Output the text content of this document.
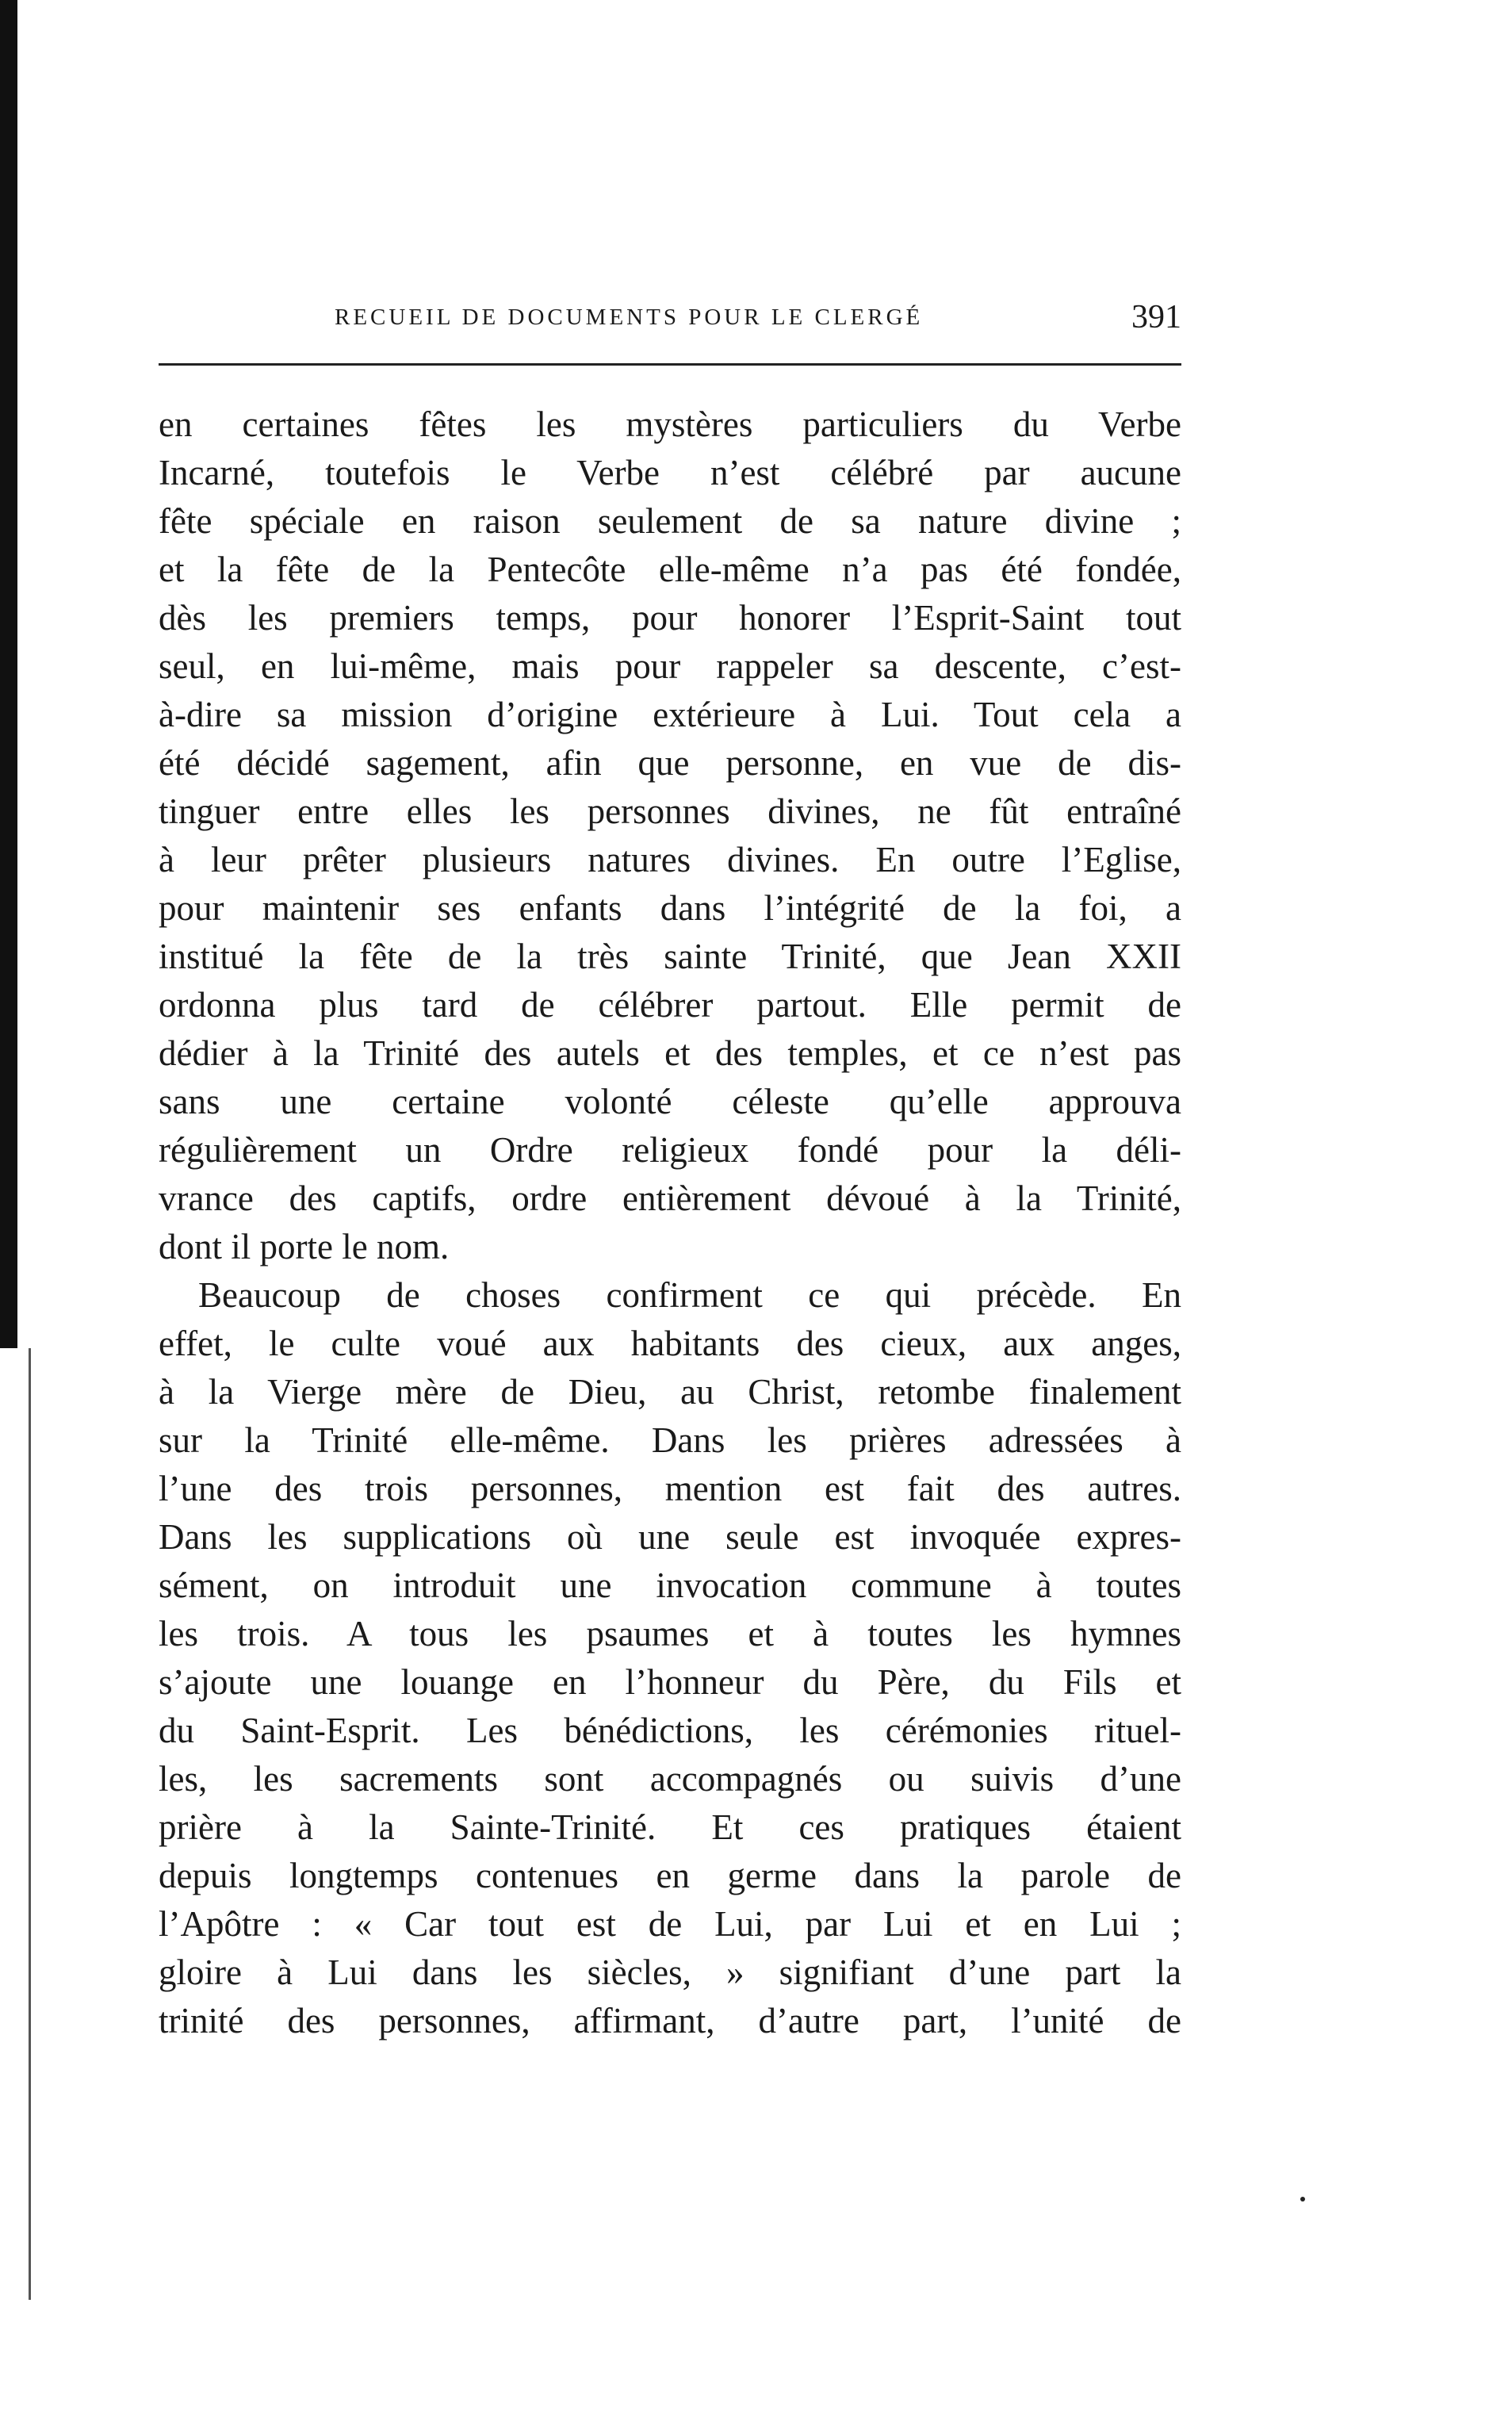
RECUEIL DE DOCUMENTS POUR LE CLERGÉ	391
en certaines fêtes les mystères particuliers du Verbe
Incarné, toutefois le Verbe n’est célébré par aucune
fête spéciale en raison seulement de sa nature divine ;
et la fête de la Pentecôte elle-même n’a pas été fondée,
dès les premiers temps, pour honorer l’Esprit-Saint tout
seul, en lui-même, mais pour rappeler sa descente, c’est-
à-dire sa mission d’origine extérieure à Lui. Tout cela a
été décidé sagement, afin que personne, en vue de dis-
tinguer entre elles les personnes divines, ne fût entraîné
à leur prêter plusieurs natures divines. En outre l’Eglise,
pour maintenir ses enfants dans l’intégrité de la foi, a
institué la fête de la très sainte Trinité, que Jean XXII
ordonna plus tard de célébrer partout. Elle permit de
dédier à la Trinité des autels et des temples, et ce n’est pas
sans une certaine volonté céleste qu’elle approuva
régulièrement un Ordre religieux fondé pour la déli-
vrance des captifs, ordre entièrement dévoué à la Trinité,
dont il porte le nom.
Beaucoup de choses confirment ce qui précède. En
effet, le culte voué aux habitants des cieux, aux anges,
à la Vierge mère de Dieu, au Christ, retombe finalement
sur la Trinité elle-même. Dans les prières adressées à
l’une des trois personnes, mention est fait des autres.
Dans les supplications où une seule est invoquée expres-
sément, on introduit une invocation commune à toutes
les trois. A tous les psaumes et à toutes les hymnes
s’ajoute une louange en l’honneur du Père, du Fils et
du Saint-Esprit. Les bénédictions, les cérémonies rituel-
les, les sacrements sont accompagnés ou suivis d’une
prière à la Sainte-Trinité. Et ces pratiques étaient
depuis longtemps contenues en germe dans la parole de
l’Apôtre : « Car tout est de Lui, par Lui et en Lui ;
gloire à Lui dans les siècles, » signifiant d’une part la
trinité des personnes, affirmant, d’autre part, l’unité de
